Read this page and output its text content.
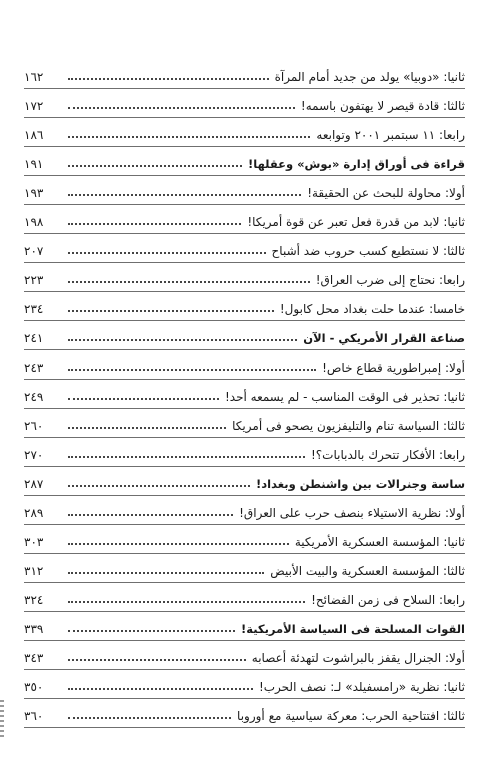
ثانيا: «دوبيا» يولد من جديد أمام المرآة
١٦٢
ثالثا: قادة قيصر لا يهتفون باسمه!
١٧٢
رابعا: ١١ سبتمبر ٢٠٠١ وتوابعه
١٨٦
قراءة فى أوراق إدارة «بوش» وعقلها!
١٩١
أولا: محاولة للبحث عن الحقيقة!
١٩٣
ثانيا: لابد من قدرة فعل تعبر عن قوة أمريكا!
١٩٨
ثالثا: لا نستطيع كسب حروب ضد أشباح
٢٠٧
رابعا: نحتاج إلى ضرب العراق!
٢٢٣
خامسا: عندما حلت بغداد محل كابول!
٢٣٤
صناعة القرار الأمريكي - الآن
٢٤١
أولا: إمبراطورية قطاع خاص!
٢٤٣
ثانيا: تحذير فى الوقت المناسب - لم يسمعه أحد!
٢٤٩
ثالثا: السياسة تنام والتليفزيون يصحو فى أمريكا
٢٦٠
رابعا: الأفكار تتحرك بالدبابات؟!
٢٧٠
ساسة وجنرالات بين واشنطن وبغداد!
٢٨٧
أولا: نظرية الاستيلاء بنصف حرب على العراق!
٢٨٩
ثانيا: المؤسسة العسكرية الأمريكية
٣٠٣
ثالثا: المؤسسة العسكرية والبيت الأبيض
٣١٢
رابعا: السلاح فى زمن الفضائح!
٣٢٤
القوات المسلحة فى السياسة الأمريكية!
٣٣٩
أولا: الجنرال يقفز بالبراشوت لتهدئة أعصابه
٣٤٣
ثانيا: نظرية «رامسفيلد» لـ: نصف الحرب!
٣٥٠
ثالثا: افتتاحية الحرب: معركة سياسية مع أوروبا
٣٦٠
